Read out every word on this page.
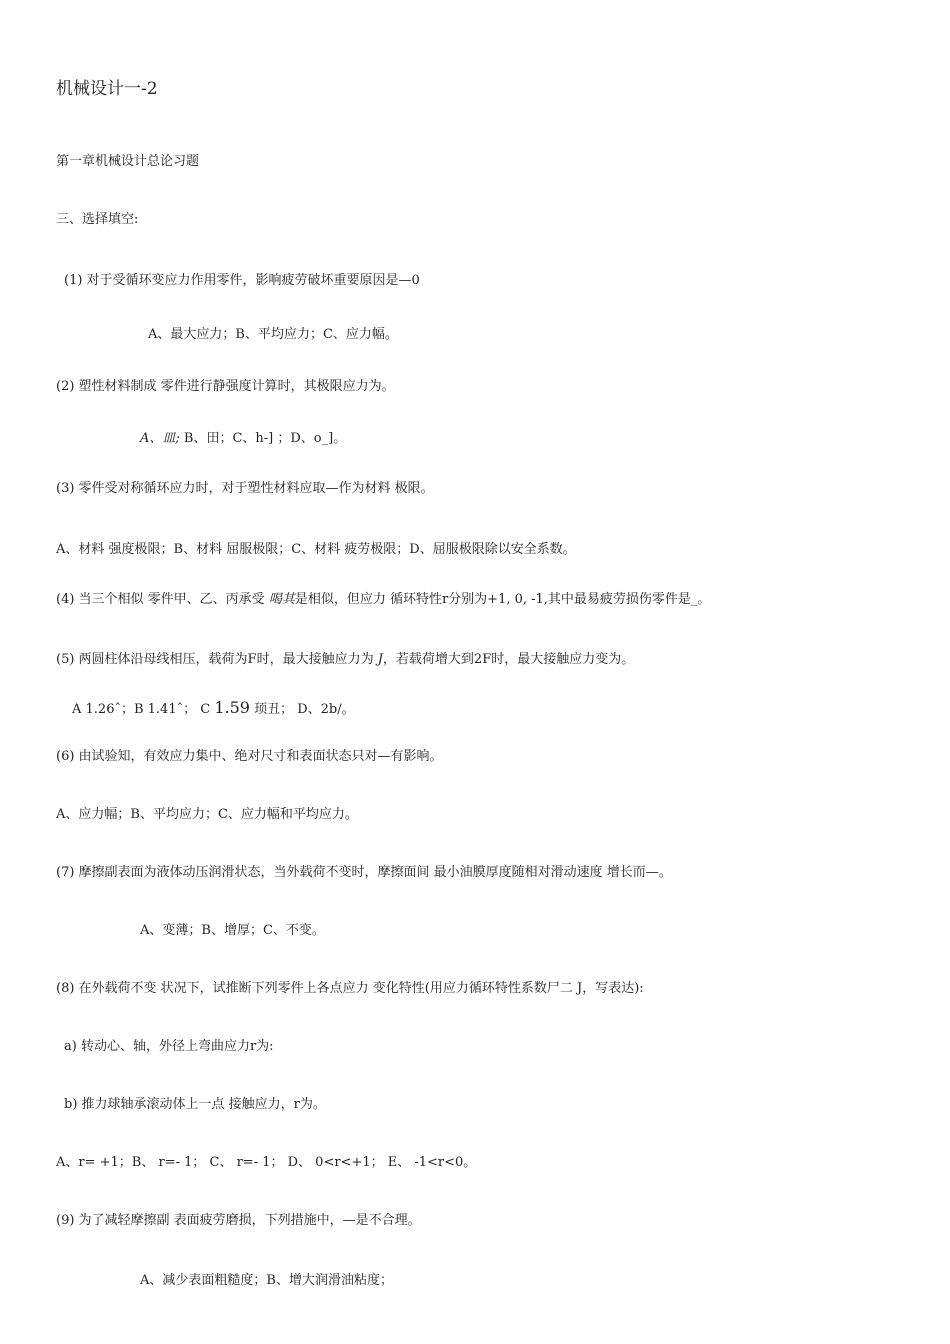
机械设计一-2
第一章机械设计总论习题
三、选择填空:
(1) 对于受循环变应力作用零件，影响疲劳破坏重要原因是—0
A、最大应力；B、平均应力；C、应力幅。
(2) 塑性材料制成 零件进行静强度计算时，其极限应力为。
A、皿; B、田；C、h-] ；D、o_]。
(3) 零件受对称循环应力时，对于塑性材料应取—作为材料 极限。
A、材料 强度极限；B、材料 屈服极限；C、材料 疲劳极限；D、屈服极限除以安全系数。
(4) 当三个相似 零件甲、乙、丙承受 喝其是相似，但应力 循环特性r分别为+1, 0, -1,其中最易疲劳损伤零件是_。
(5) 两圆柱体沿母线相压，载荷为F时，最大接触应力为 J，若载荷增大到2F时，最大接触应力变为。
A 1.26ˆ；B 1.41ˆ； C 1.59 顼丑； D、2b/。
(6) 由试验知，有效应力集中、绝对尺寸和表面状态只对—有影响。
A、应力幅；B、平均应力；C、应力幅和平均应力。
(7) 摩擦副表面为液体动压润滑状态，当外载荷不变时，摩擦面间 最小油膜厚度随相对滑动速度 增长而—。
A、变薄；B、增厚；C、不变。
(8) 在外载荷不变 状况下，试推断下列零件上各点应力 变化特性(用应力循环特性系数尸二 J，写表达):
a) 转动心、轴，外径上弯曲应力r为:
b) 推力球轴承滚动体上一点 接触应力，r为。
A、r= +1；B、 r=- 1； C、 r=- 1； D、 0<r<+1； E、 -1<r<0。
(9) 为了减轻摩擦副 表面疲劳磨损，下列措施中，—是不合理。
A、减少表面粗糙度；B、增大润滑油粘度；
